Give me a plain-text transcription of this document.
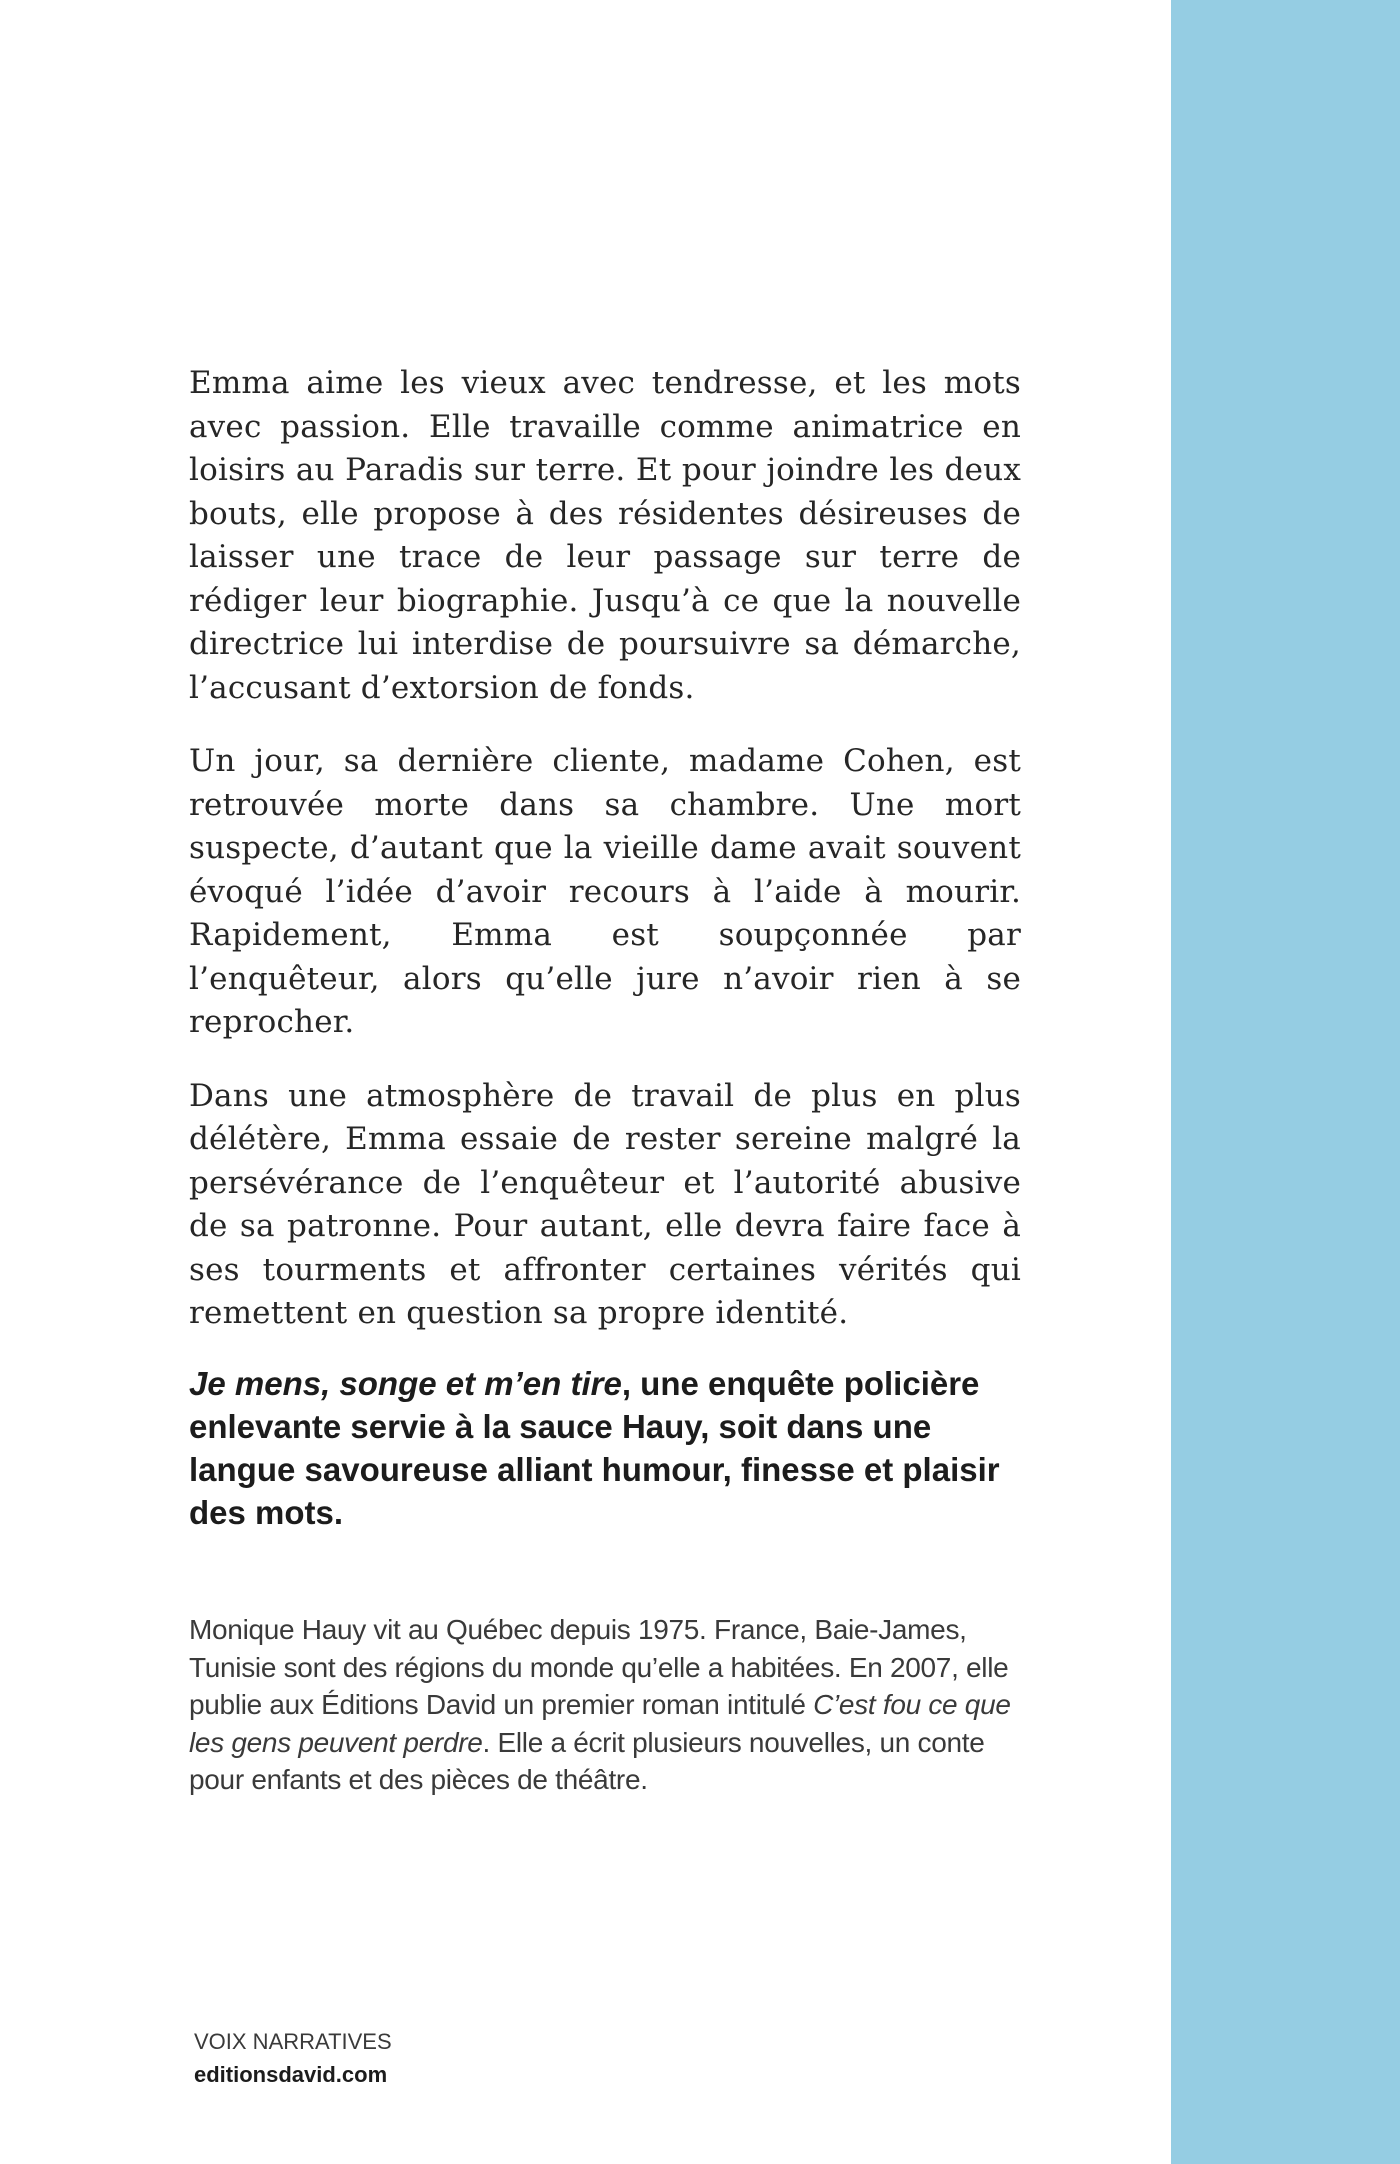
Emma aime les vieux avec tendresse, et les mots avec passion. Elle travaille comme animatrice en loisirs au Paradis sur terre. Et pour joindre les deux bouts, elle propose à des résidentes désireuses de laisser une trace de leur passage sur terre de rédiger leur biographie. Jusqu’à ce que la nouvelle directrice lui interdise de poursuivre sa démarche, l’accusant d’extorsion de fonds.

Un jour, sa dernière cliente, madame Cohen, est retrouvée morte dans sa chambre. Une mort suspecte, d’autant que la vieille dame avait souvent évoqué l’idée d’avoir recours à l’aide à mourir. Rapidement, Emma est soupçonnée par l’enquêteur, alors qu’elle jure n’avoir rien à se reprocher.

Dans une atmosphère de travail de plus en plus délétère, Emma essaie de rester sereine malgré la persévérance de l’enquêteur et l’autorité abusive de sa patronne. Pour autant, elle devra faire face à ses tourments et affronter certaines vérités qui remettent en question sa propre identité.

Je mens, songe et m’en tire, une enquête policière enlevante servie à la sauce Hauy, soit dans une langue savoureuse alliant humour, finesse et plaisir des mots.

Monique Hauy vit au Québec depuis 1975. France, Baie-James, Tunisie sont des régions du monde qu’elle a habitées. En 2007, elle publie aux Éditions David un premier roman intitulé C’est fou ce que les gens peuvent perdre. Elle a écrit plusieurs nouvelles, un conte pour enfants et des pièces de théâtre.

VOIX NARRATIVES

editionsdavid.com
